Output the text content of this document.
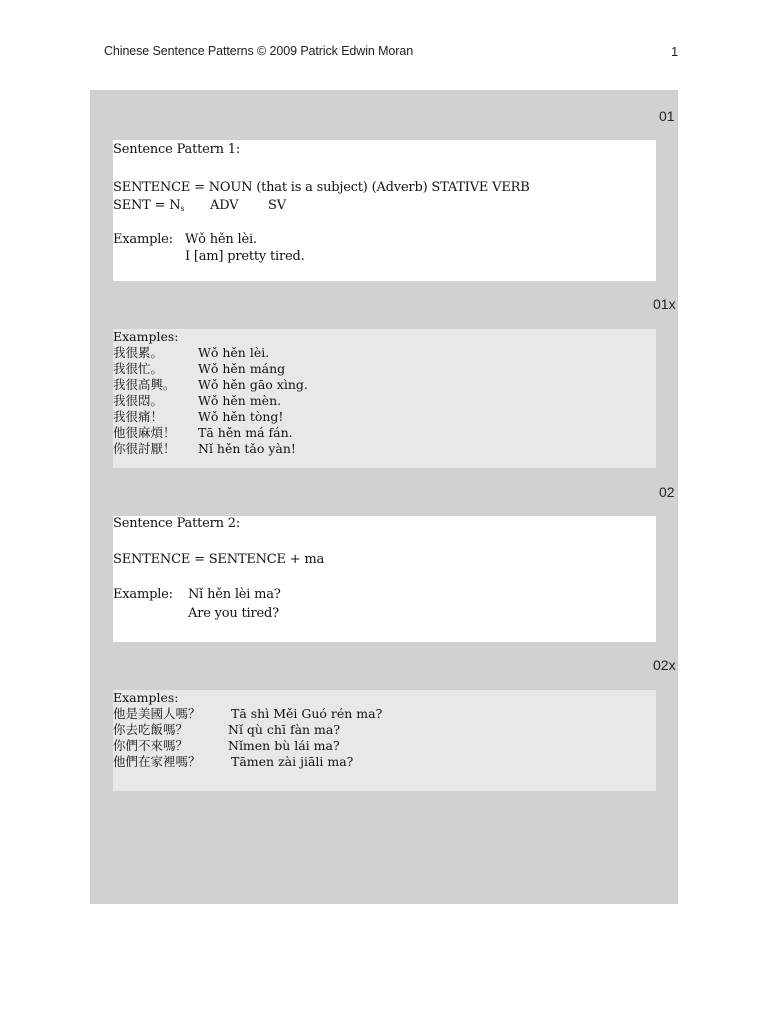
Chinese Sentence Patterns © 2009 Patrick Edwin Moran	1
01
Sentence Pattern 1:
SENTENCE = NOUN (that is a subject) (Adverb) STATIVE VERB
SENT = $N_s$ ADV SV
Example: Wǒ hěn lèi.
I [am] pretty tired.
01x
Examples:
我很累。	Wǒ hěn lèi.
我很忙。	Wǒ hěn máng
我很高興。 Wǒ hěn gāo xìng.
我很悶。	Wǒ hěn mèn.
我很痛！	Wǒ hěn tòng!
他很麻煩！ Tā hěn má fán.
你很討厭！ Nǐ hěn tǎo yàn!
02
Sentence Pattern 2:
SENTENCE = SENTENCE + ma
Example: Nǐ hěn lèi ma?
Are you tired?
02x
Examples:
他是美國人嗎？ Tā shì Měi Guó rén ma?
你去吃飯嗎？	Nǐ qù chī fàn ma?
你們不來嗎？	Nǐmen bù lái ma?
他們在家裡嗎？ Tāmen zài jiāli ma?
